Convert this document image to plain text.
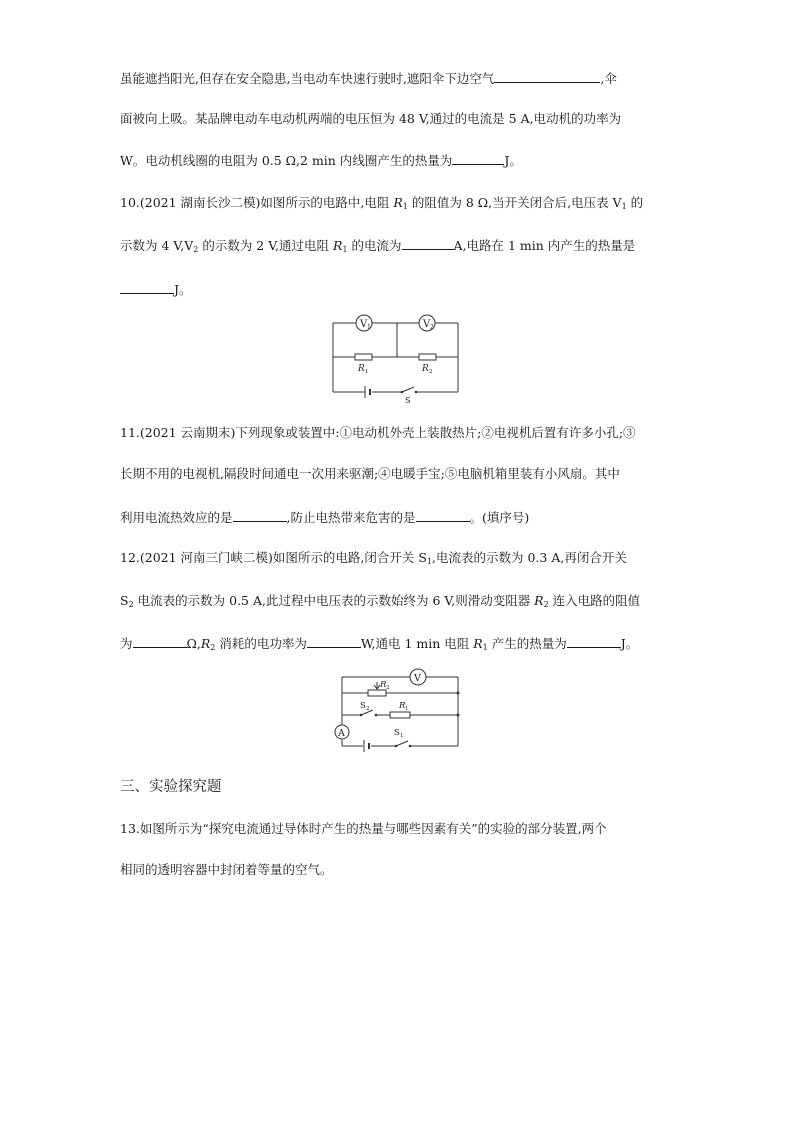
虽能遮挡阳光,但存在安全隐患,当电动车快速行驶时,遮阳伞下边空气	,伞
面被向上吸。某品牌电动车电动机两端的电压恒为 48 V,通过的电流是 5 A,电动机的功率为
W。电动机线圈的电阻为 0.5 Ω,2 min 内线圈产生的热量为	J。
10.(2021 湖南长沙二模)如图所示的电路中,电阻 $R_1$ 的阻值为 8 Ω,当开关闭合后,电压表 $V_1$ 的
示数为 4 $V,V_2$ 的示数为 2 V,通过电阻 $R_1$ 的电流为	A,电路在 1 min 内产生的热量是
J。
V 1	V 2
R 1	R 2
S
11.(2021 云南期末)下列现象或装置中:①电动机外壳上装散热片;②电视机后置有许多小孔;③
长期不用的电视机,隔段时间通电一次用来驱潮;④电暖手宝;⑤电脑机箱里装有小风扇。其中
利用电流热效应的是	,防止电热带来危害的是	。(填序号)
12.(2021 河南三门峡二模)如图所示的电路,闭合开关 $S_1$,电流表的示数为 0.3 A,再闭合开关
$S_2$ 电流表的示数为 0.5 A,此过程中电压表的示数始终为 6 V,则滑动变阻器 $R_2$ 连入电路的阻值
为	$\Omega,R_2$ 消耗的电功率为	W,通电 1 min 电阻 $R_1$ 产生的热量为	J。
V
A
R 2
R 1
S 2
S 1
三、实验探究题
13.如图所示为“探究电流通过导体时产生的热量与哪些因素有关”的实验的部分装置,两个
相同的透明容器中封闭着等量的空气。
